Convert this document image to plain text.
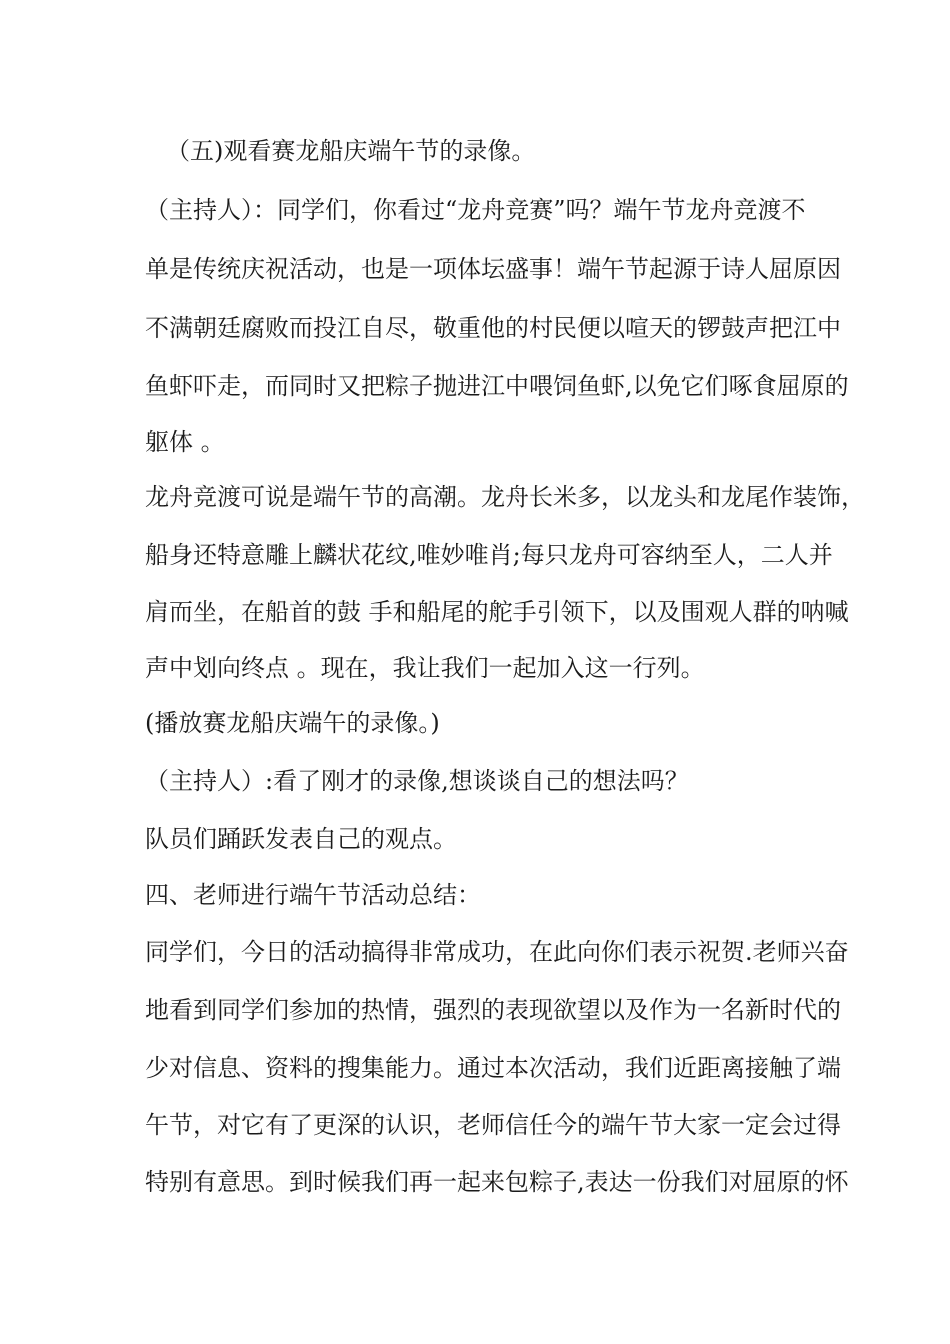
（五)观看赛龙船庆端午节的录像。

（主持人）：同学们，你看过“龙舟竞赛”吗？端午节龙舟竞渡不

单是传统庆祝活动，也是一项体坛盛事！端午节起源于诗人屈原因

不满朝廷腐败而投江自尽，敬重他的村民便以喧天的锣鼓声把江中

鱼虾吓走，而同时又把粽子抛进江中喂饲鱼虾,以免它们啄食屈原的

躯体 。

龙舟竞渡可说是端午节的高潮。龙舟长米多，以龙头和龙尾作装饰，

船身还特意雕上麟状花纹,唯妙唯肖;每只龙舟可容纳至人，二人并

肩而坐，在船首的鼓 手和船尾的舵手引领下，以及围观人群的呐喊

声中划向终点 。现在，我让我们一起加入这一行列。

(播放赛龙船庆端午的录像。)

（主持人）:看了刚才的录像,想谈谈自己的想法吗？

队员们踊跃发表自己的观点。

四、老师进行端午节活动总结：

同学们，今日的活动搞得非常成功，在此向你们表示祝贺.老师兴奋

地看到同学们参加的热情，强烈的表现欲望以及作为一名新时代的

少对信息、资料的搜集能力。通过本次活动，我们近距离接触了端

午节，对它有了更深的认识，老师信任今的端午节大家一定会过得

特别有意思。到时候我们再一起来包粽子,表达一份我们对屈原的怀
